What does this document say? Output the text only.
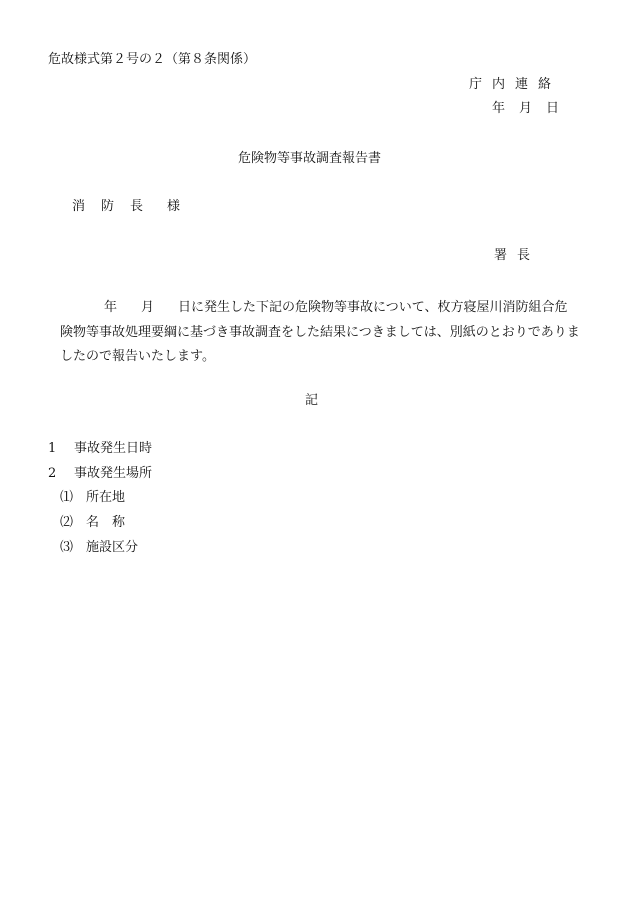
危故様式第２号の２（第８条関係）
庁内連絡
年 月 日
危険物等事故調査報告書
消 防 長 様
署長

年 月 日に発生した下記の危険物等事故について、枚方寝屋川消防組合危険物等事故処理要綱に基づき事故調査をした結果につきましては、別紙のとおりでありましたので報告いたします。

記
1 事故発生日時
2 事故発生場所
⑴ 所在地
⑵ 名　称
⑶ 施設区分
